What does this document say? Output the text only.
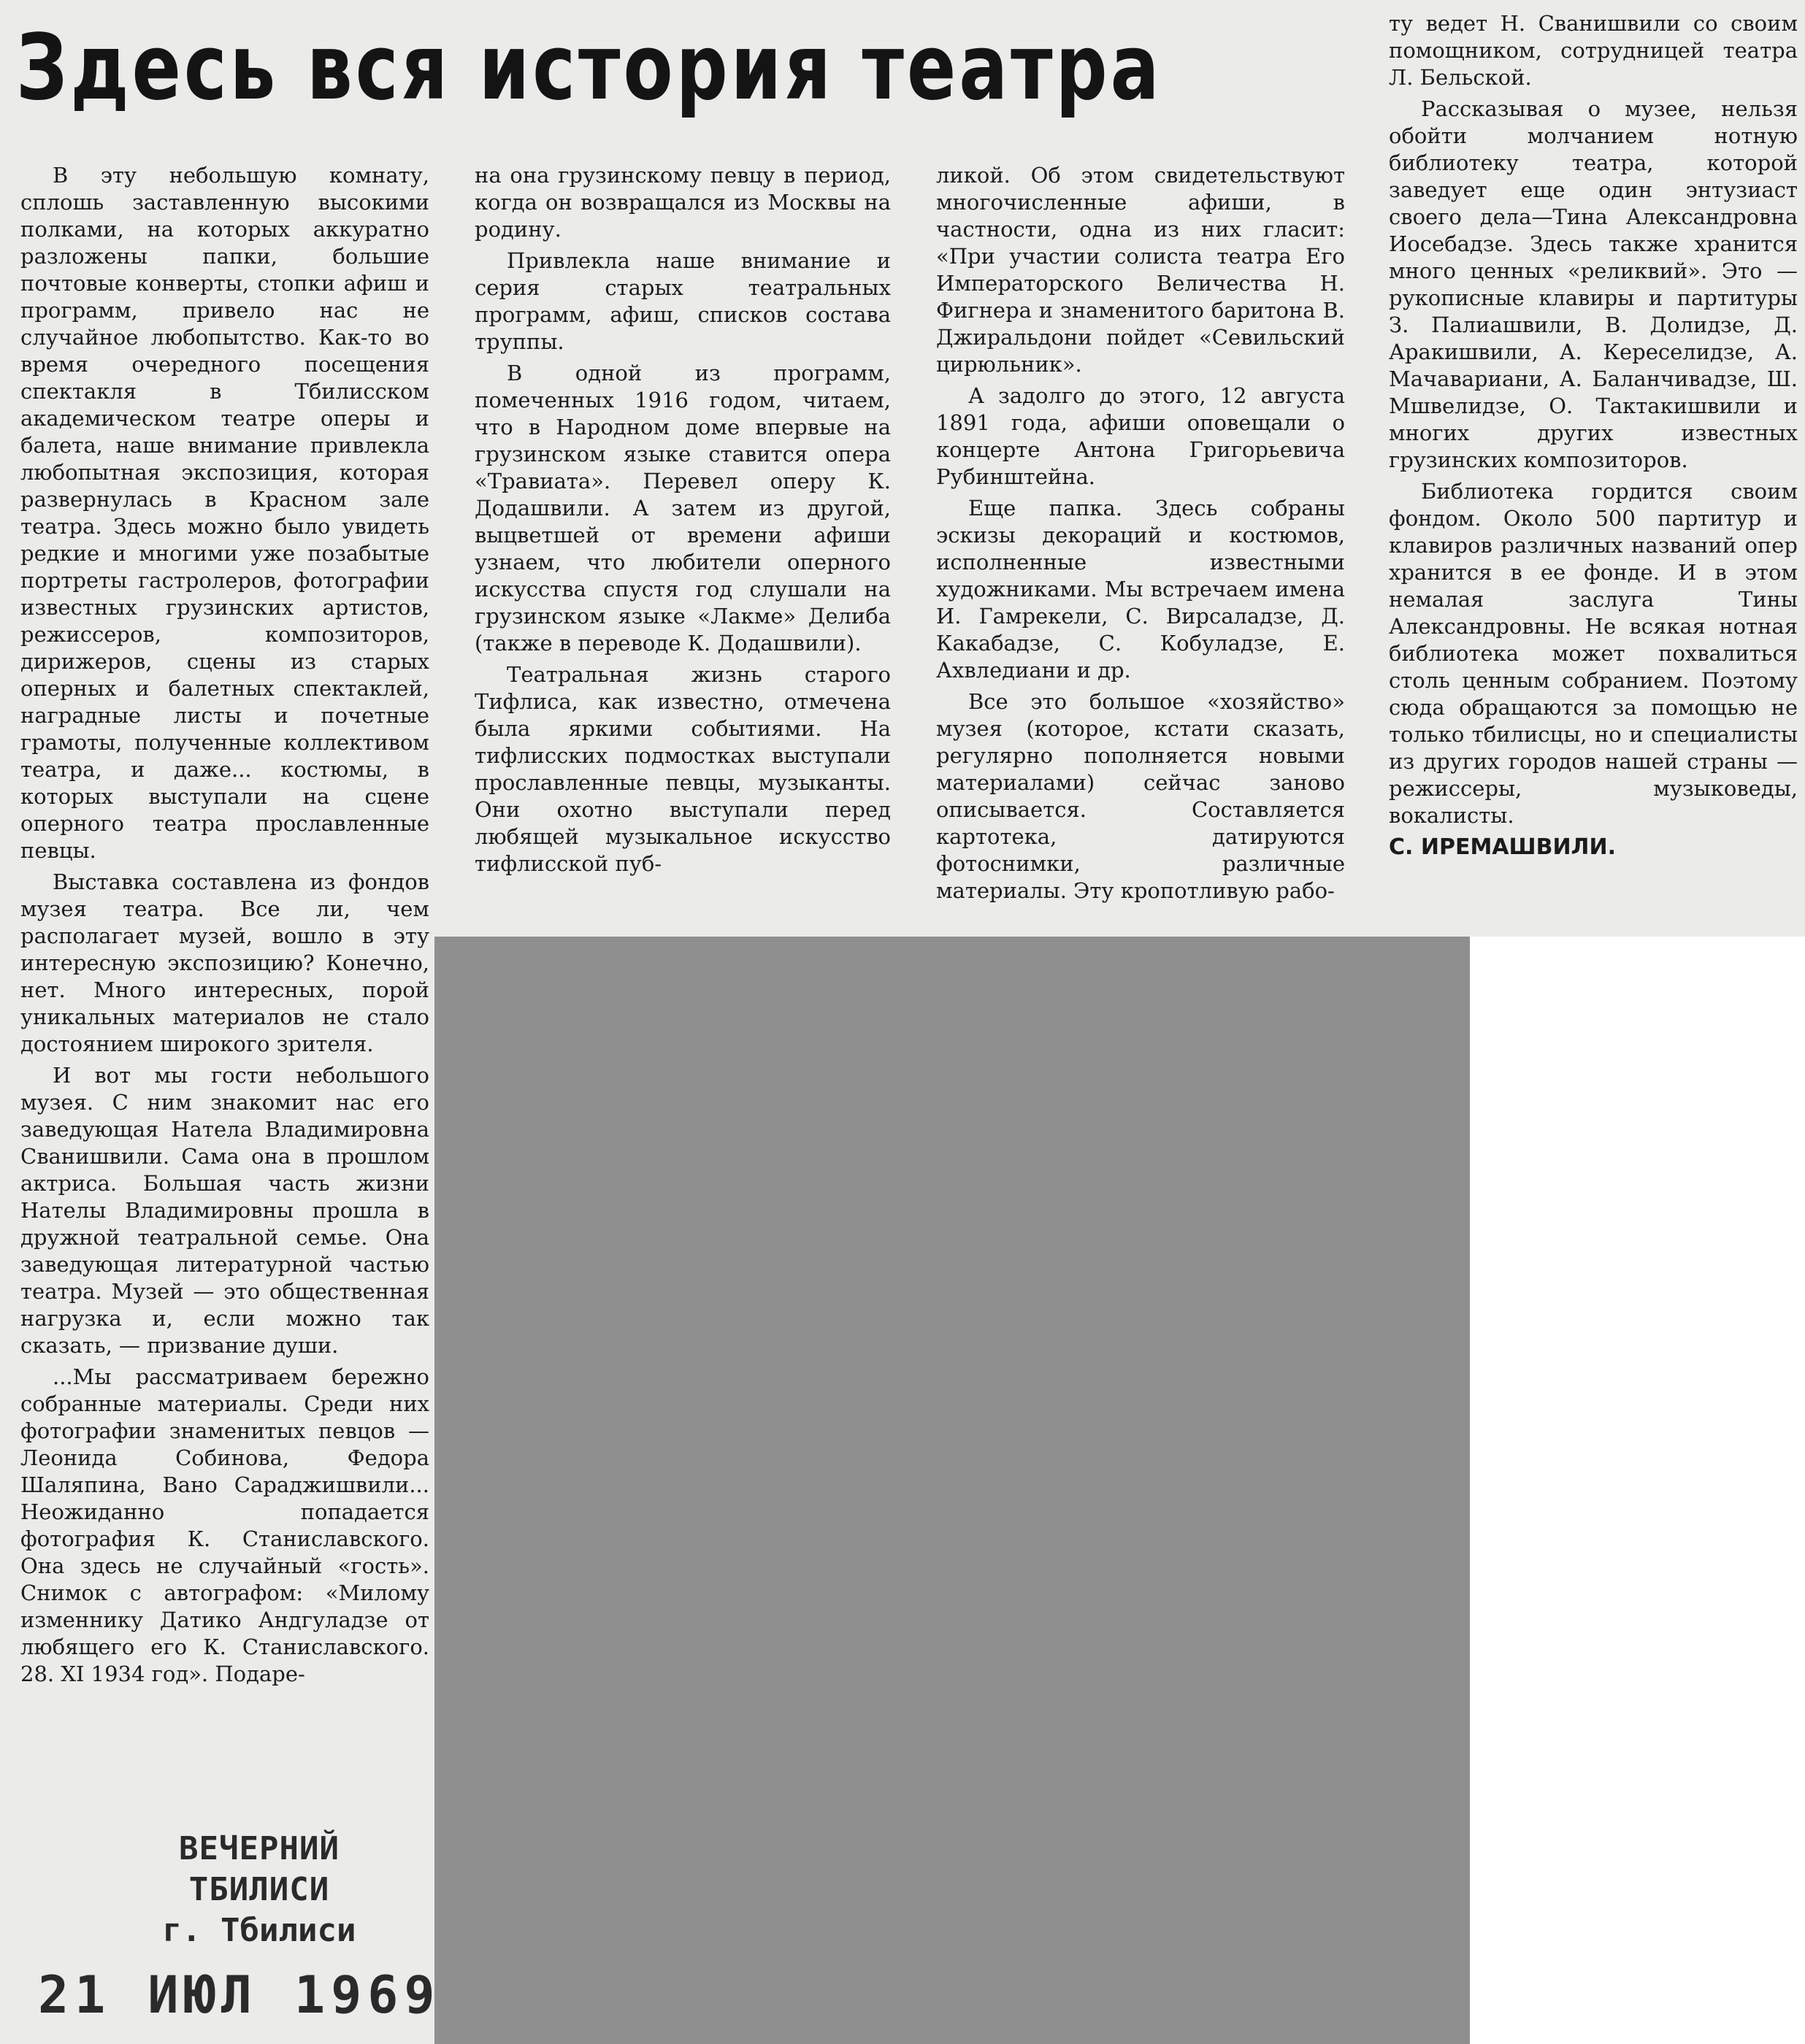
Здесь вся история театра

В эту небольшую комнату, сплошь заставленную высокими полками, на которых аккуратно разложены папки, большие почтовые конверты, стопки афиш и программ, привело нас не случайное любопытство. Как-то во время очередного посещения спектакля в Тбилисском академическом театре оперы и балета, наше внимание привлекла любопытная экспозиция, которая развернулась в Красном зале театра. Здесь можно было увидеть редкие и многими уже позабытые портреты гастролеров, фотографии известных грузинских артистов, режиссеров, композиторов, дирижеров, сцены из старых оперных и балетных спектаклей, наградные листы и почетные грамоты, полученные коллективом театра, и даже... костюмы, в которых выступали на сцене оперного театра прославленные певцы.

Выставка составлена из фондов музея театра. Все ли, чем располагает музей, вошло в эту интересную экспозицию? Конечно, нет. Много интересных, порой уникальных материалов не стало достоянием широкого зрителя.

И вот мы гости небольшого музея. С ним знакомит нас его заведующая Натела Владимировна Сванишвили. Сама она в прошлом актриса. Большая часть жизни Нателы Владимировны прошла в дружной театральной семье. Она заведующая литературной частью театра. Музей — это общественная нагрузка и, если можно так сказать, — призвание души.

...Мы рассматриваем бережно собранные материалы. Среди них фотографии знаменитых певцов — Леонида Собинова, Федора Шаляпина, Вано Сараджишвили... Неожиданно попадается фотография К. Станиславского. Она здесь не случайный «гость». Снимок с автографом: «Милому изменнику Датико Андгуладзе от любящего его К. Станиславского. 28. XI 1934 год». Подаре-

на она грузинскому певцу в период, когда он возвращался из Москвы на родину.

Привлекла наше внимание и серия старых театральных программ, афиш, списков состава труппы.

В одной из программ, помеченных 1916 годом, читаем, что в Народном доме впервые на грузинском языке ставится опера «Травиата». Перевел оперу К. Додашвили. А затем из другой, выцветшей от времени афиши узнаем, что любители оперного искусства спустя год слушали на грузинском языке «Лакме» Делиба (также в переводе К. Додашвили).

Театральная жизнь старого Тифлиса, как известно, отмечена была яркими событиями. На тифлисских подмостках выступали прославленные певцы, музыканты. Они охотно выступали перед любящей музыкальное искусство тифлисской пуб-

ликой. Об этом свидетельствуют многочисленные афиши, в частности, одна из них гласит: «При участии солиста театра Его Императорского Величества Н. Фигнера и знаменитого баритона В. Джиральдони пойдет «Севильский цирюльник».

А задолго до этого, 12 августа 1891 года, афиши оповещали о концерте Антона Григорьевича Рубинштейна.

Еще папка. Здесь собраны эскизы декораций и костюмов, исполненные известными художниками. Мы встречаем имена И. Гамрекели, С. Вирсаладзе, Д. Какабадзе, С. Кобуладзе, Е. Ахвледиани и др.

Все это большое «хозяйство» музея (которое, кстати сказать, регулярно пополняется новыми материалами) сейчас заново описывается. Составляется картотека, датируются фотоснимки, различные материалы. Эту кропотливую рабо-

ту ведет Н. Сванишвили со своим помощником, сотрудницей театра Л. Бельской.

Рассказывая о музее, нельзя обойти молчанием нотную библиотеку театра, которой заведует еще один энтузиаст своего дела—Тина Александровна Иосебадзе. Здесь также хранится много ценных «реликвий». Это — рукописные клавиры и партитуры З. Палиашвили, В. Долидзе, Д. Аракишвили, А. Кереселидзе, А. Мачавариани, А. Баланчивадзе, Ш. Мшвелидзе, О. Тактакишвили и многих других известных грузинских композиторов.

Библиотека гордится своим фондом. Около 500 партитур и клавиров различных названий опер хранится в ее фонде. И в этом немалая заслуга Тины Александровны. Не всякая нотная библиотека может похвалиться столь ценным собранием. Поэтому сюда обращаются за помощью не только тбилисцы, но и специалисты из других городов нашей страны — режиссеры, музыковеды, вокалисты.

С. ИРЕМАШВИЛИ.

ВЕЧЕРНИЙ ТБИЛИСИ
г. Тбилиси
21 ИЮЛ 1969
